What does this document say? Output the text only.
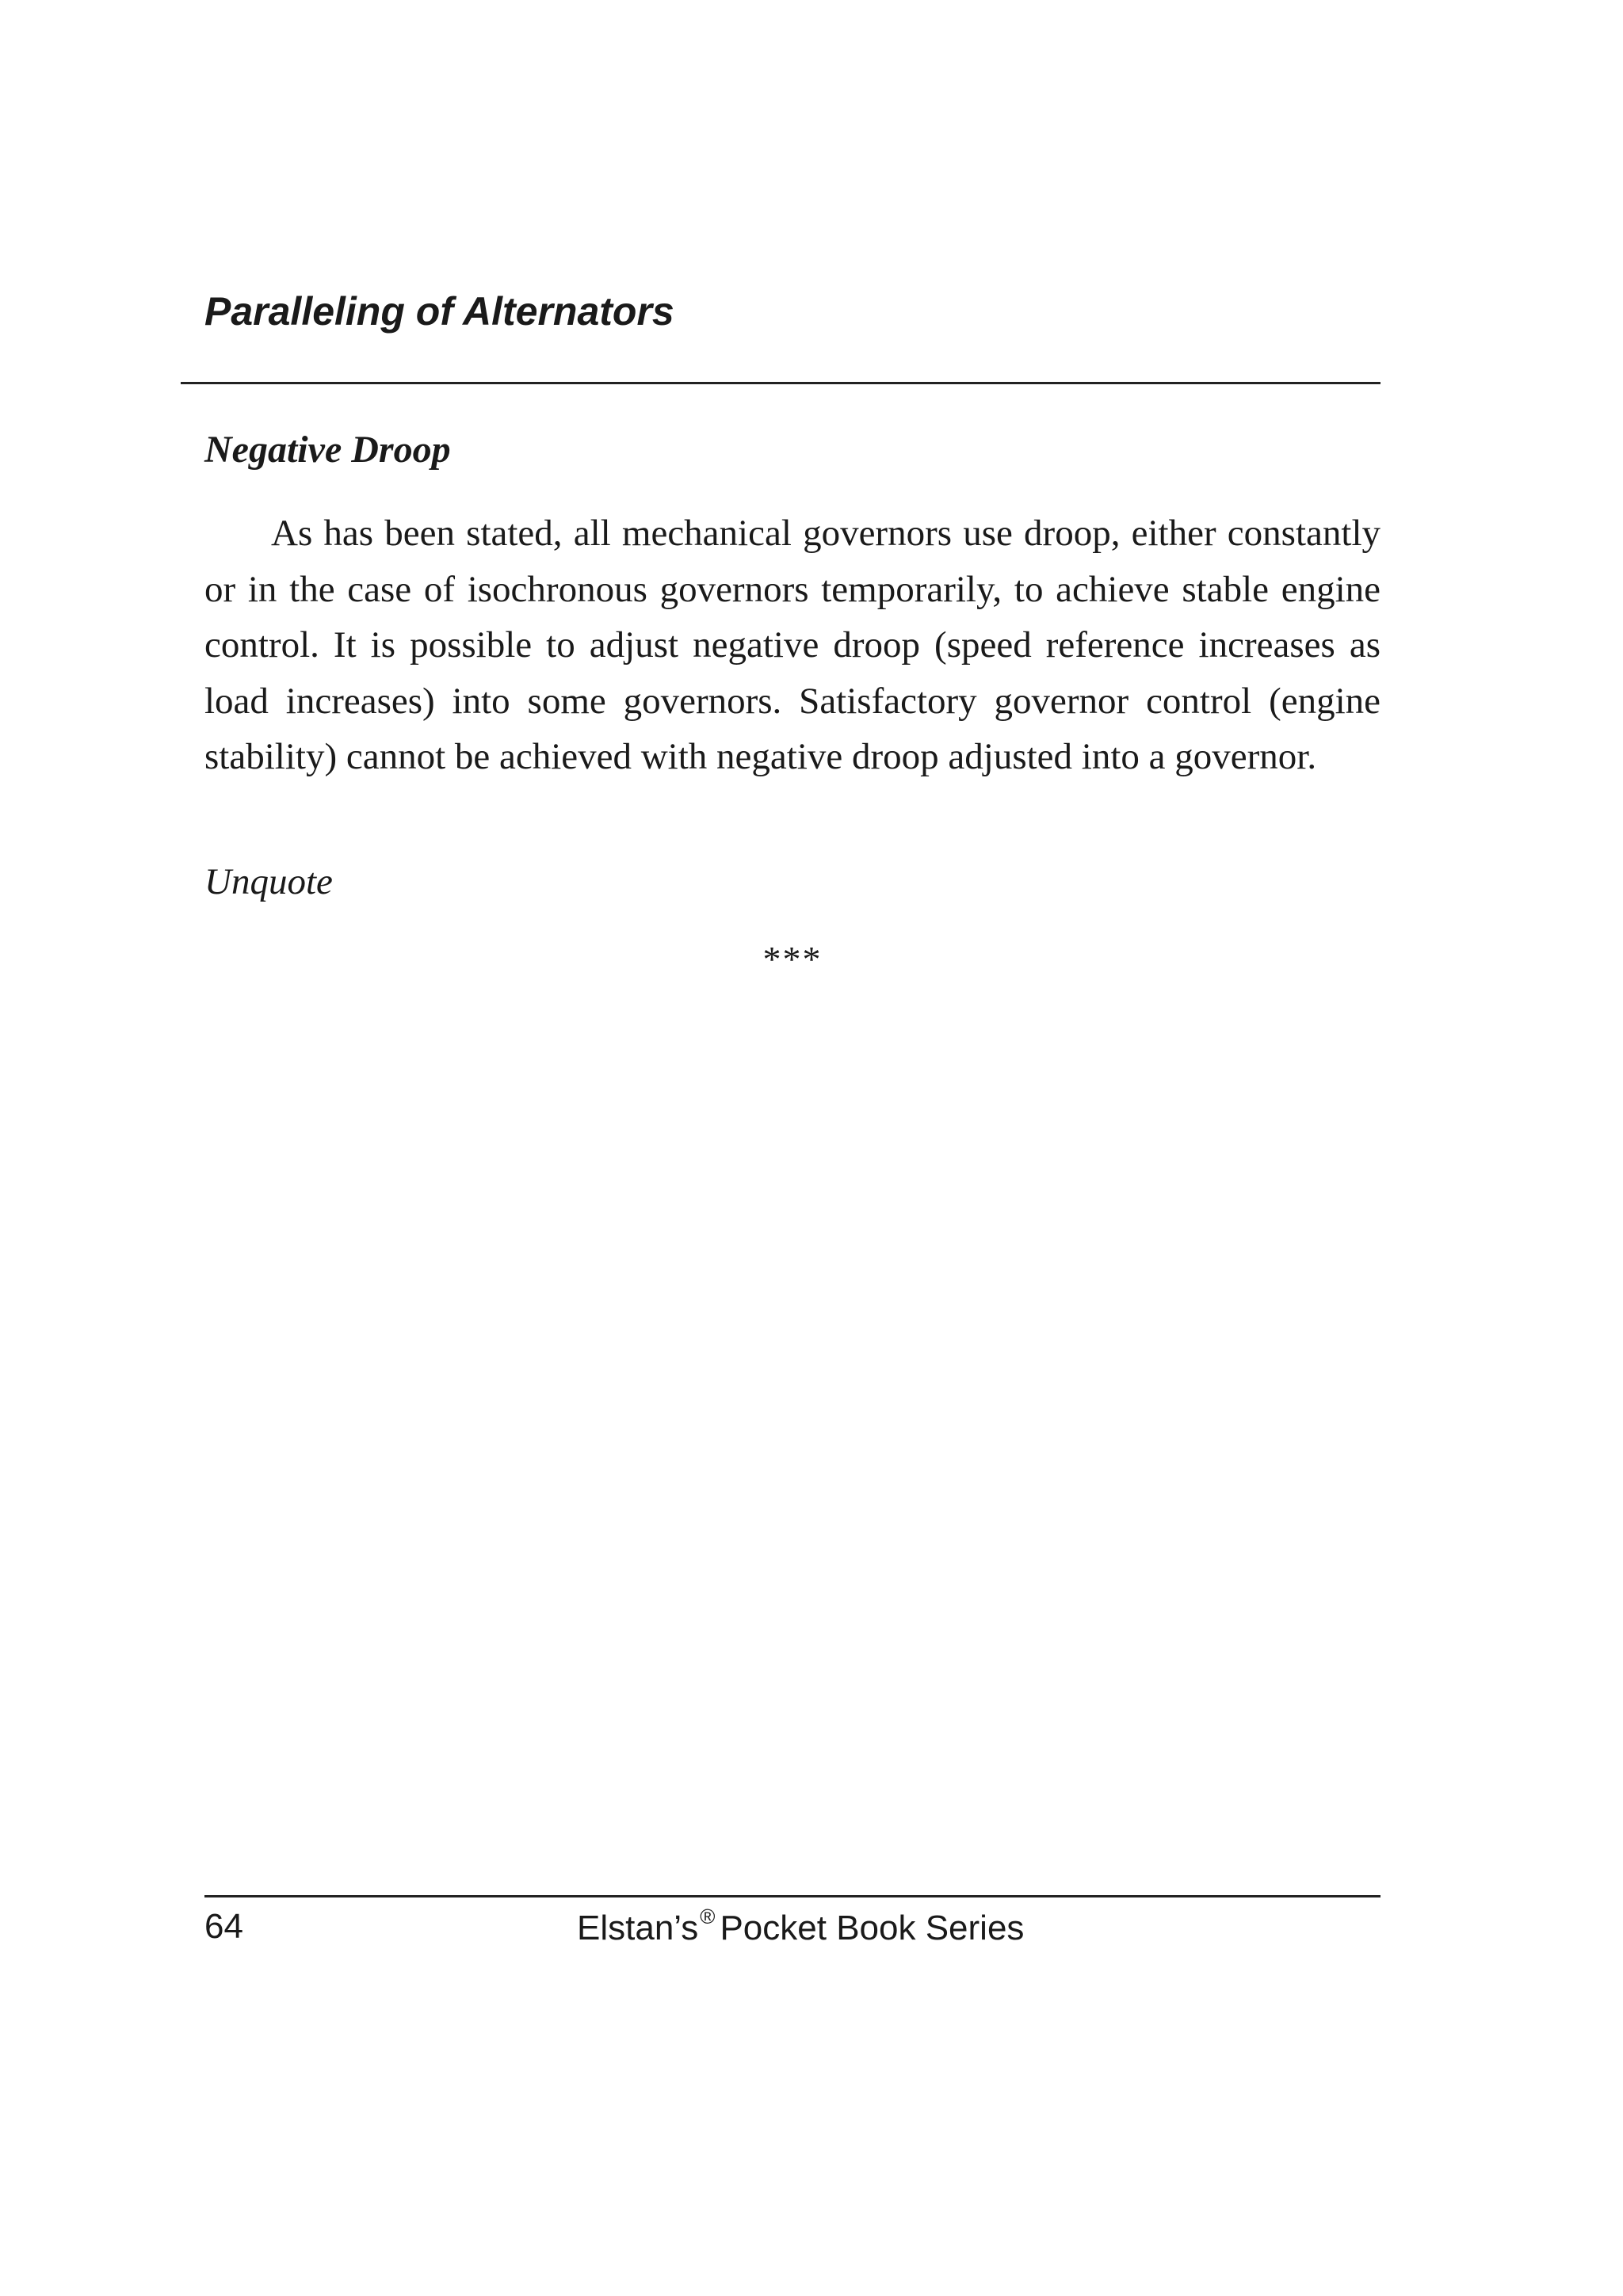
Paralleling of Alternators
Negative Droop

As has been stated, all mechanical governors use droop, either constantly or in the case of isochronous governors temporarily, to achieve stable engine control. It is possible to adjust negative droop (speed reference increases as load increases) into some governors. Satisfactory governor control (engine stability) cannot be achieved with negative droop adjusted into a governor.

Unquote
***
64	Elstan’s® Pocket Book Series
